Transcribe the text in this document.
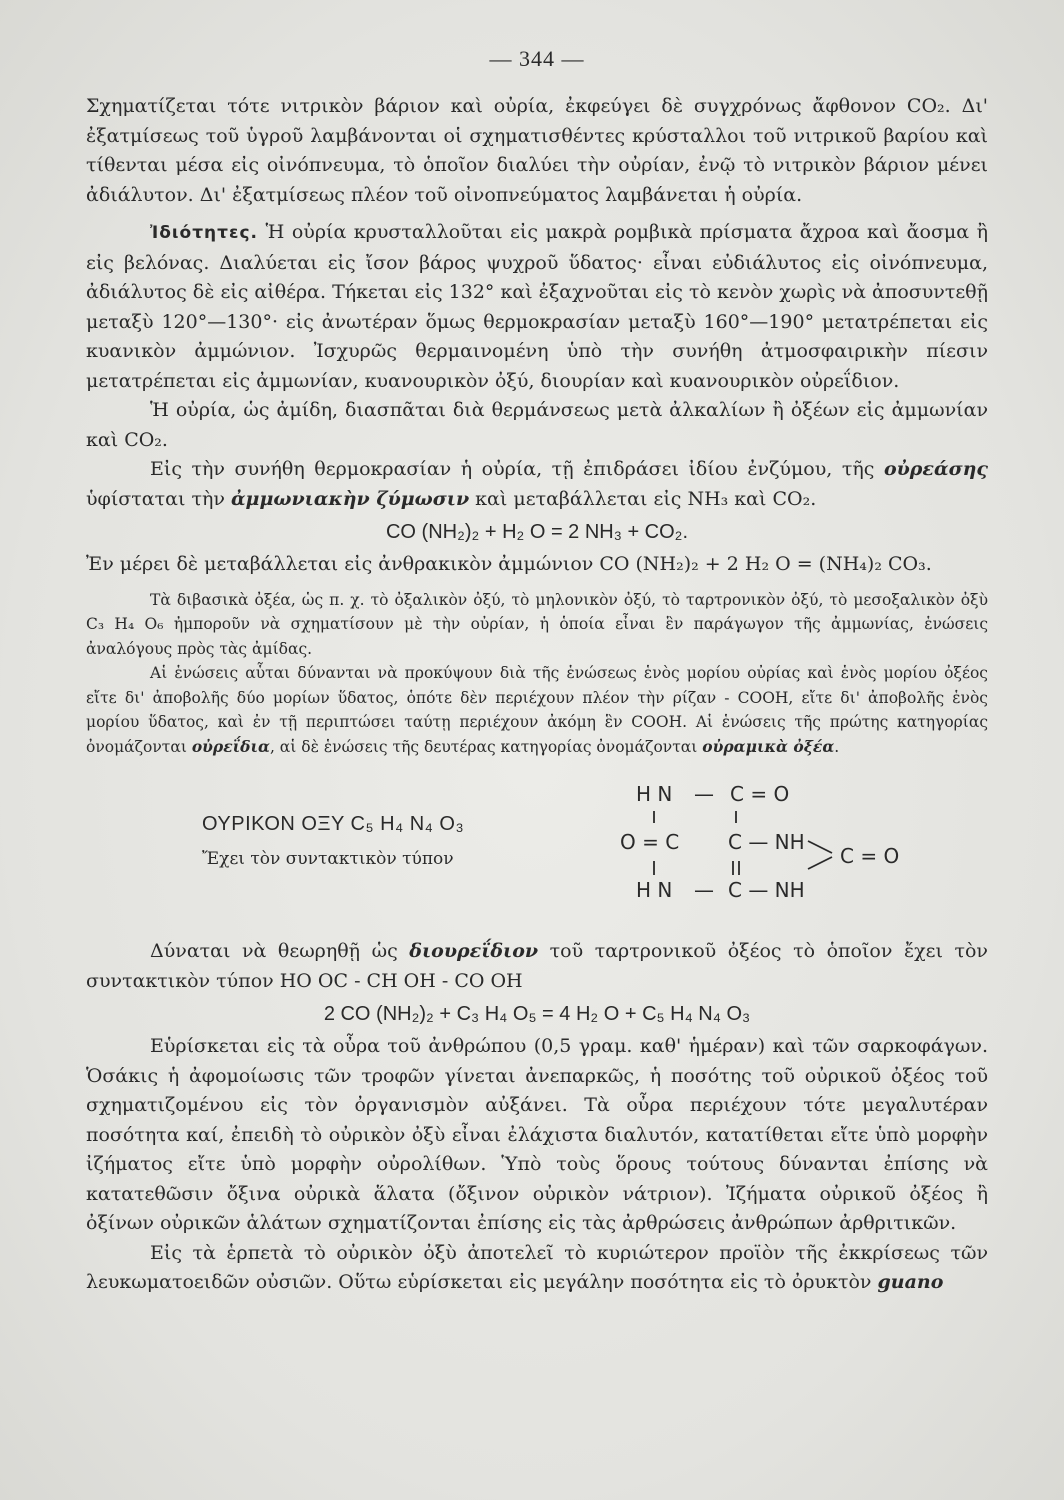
— 344 —

Σχηματίζεται τότε νιτρικὸν βάριον καὶ οὐρία, ἐκφεύγει δὲ συγχρόνως ἄφθονον CO₂. Δι' ἐξατμίσεως τοῦ ὑγροῦ λαμβάνονται οἱ σχηματισθέντες κρύσταλλοι τοῦ νιτρικοῦ βαρίου καὶ τίθενται μέσα εἰς οἰνόπνευμα, τὸ ὁποῖον διαλύει τὴν οὐρίαν, ἐνῷ τὸ νιτρικὸν βάριον μένει ἀδιάλυτον. Δι' ἐξατμίσεως πλέον τοῦ οἰνοπνεύματος λαμβάνεται ἡ οὐρία.

Ἰδιότητες. Ἡ οὐρία κρυσταλλοῦται εἰς μακρὰ ρομβικὰ πρίσματα ἄχροα καὶ ἄοσμα ἢ εἰς βελόνας. Διαλύεται εἰς ἴσον βάρος ψυχροῦ ὕδατος· εἶναι εὐδιάλυτος εἰς οἰνόπνευμα, ἀδιάλυτος δὲ εἰς αἰθέρα. Τήκεται εἰς 132° καὶ ἐξαχνοῦται εἰς τὸ κενὸν χωρὶς νὰ ἀποσυντεθῇ μεταξὺ 120°—130°· εἰς ἀνωτέραν ὅμως θερμοκρασίαν μεταξὺ 160°—190° μετατρέπεται εἰς κυανικὸν ἀμμώνιον. Ἰσχυρῶς θερμαινομένη ὑπὸ τὴν συνήθη ἀτμοσφαιρικὴν πίεσιν μετατρέπεται εἰς ἀμμωνίαν, κυανουρικὸν ὀξύ, διουρίαν καὶ κυανουρικὸν οὐρεΐδιον.

Ἡ οὐρία, ὡς ἀμίδη, διασπᾶται διὰ θερμάνσεως μετὰ ἀλκαλίων ἢ ὀξέων εἰς ἀμμωνίαν καὶ CO₂.

Εἰς τὴν συνήθη θερμοκρασίαν ἡ οὐρία, τῇ ἐπιδράσει ἰδίου ἐνζύμου, τῆς οὐρεάσης ὑφίσταται τὴν ἀμμωνιακὴν ζύμωσιν καὶ μεταβάλλεται εἰς NH₃ καὶ CO₂.

CO (NH₂)₂ + H₂ O = 2 NH₃ + CO₂.

Ἐν μέρει δὲ μεταβάλλεται εἰς ἀνθρακικὸν ἀμμώνιον CO (NH₂)₂ + 2 H₂ O = (NH₄)₂ CO₃.

Τὰ διβασικὰ ὀξέα, ὡς π. χ. τὸ ὀξαλικὸν ὀξύ, τὸ μηλονικὸν ὀξύ, τὸ ταρτρονικὸν ὀξύ, τὸ μεσοξαλικὸν ὀξὺ C₃ H₄ O₆ ἠμποροῦν νὰ σχηματίσουν μὲ τὴν οὐρίαν, ἡ ὁποία εἶναι ἓν παράγωγον τῆς ἀμμωνίας, ἑνώσεις ἀναλόγους πρὸς τὰς ἀμίδας.

Αἱ ἑνώσεις αὗται δύνανται νὰ προκύψουν διὰ τῆς ἑνώσεως ἑνὸς μορίου οὐρίας καὶ ἑνὸς μορίου ὀξέος εἴτε δι' ἀποβολῆς δύο μορίων ὕδατος, ὁπότε δὲν περιέχουν πλέον τὴν ρίζαν - COOH, εἴτε δι' ἀποβολῆς ἑνὸς μορίου ὕδατος, καὶ ἐν τῇ περιπτώσει ταύτῃ περιέχουν ἀκόμη ἓν COOH. Αἱ ἑνώσεις τῆς πρώτης κατηγορίας ὀνομάζονται οὐρεΐδια, αἱ δὲ ἑνώσεις τῆς δευτέρας κατηγορίας ὀνομάζονται οὐραμικὰ ὀξέα.

ΟΥΡΙΚΟΝ ΟΞΥ C₅ H₄ N₄ O₃
Ἔχει τὸν συντακτικὸν τύπον
H N — C = O
O = C C — NH
C = O
H N — C — NH

Δύναται νὰ θεωρηθῇ ὡς διουρεΐδιον τοῦ ταρτρονικοῦ ὀξέος τὸ ὁποῖον ἔχει τὸν συντακτικὸν τύπον HO OC - CH OH - CO OH

2 CO (NH₂)₂ + C₃ H₄ O₅ = 4 H₂ O + C₅ H₄ N₄ O₃

Εὑρίσκεται εἰς τὰ οὖρα τοῦ ἀνθρώπου (0,5 γραμ. καθ' ἡμέραν) καὶ τῶν σαρκοφάγων. Ὁσάκις ἡ ἀφομοίωσις τῶν τροφῶν γίνεται ἀνεπαρκῶς, ἡ ποσότης τοῦ οὐρικοῦ ὀξέος τοῦ σχηματιζομένου εἰς τὸν ὀργανισμὸν αὐξάνει. Τὰ οὖρα περιέχουν τότε μεγαλυτέραν ποσότητα καί, ἐπειδὴ τὸ οὐρικὸν ὀξὺ εἶναι ἐλάχιστα διαλυτόν, κατατίθεται εἴτε ὑπὸ μορφὴν ἰζήματος εἴτε ὑπὸ μορφὴν οὐρολίθων. Ὑπὸ τοὺς ὅρους τούτους δύνανται ἐπίσης νὰ κατατεθῶσιν ὄξινα οὐρικὰ ἅλατα (ὄξινον οὐρικὸν νάτριον). Ἰζήματα οὐρικοῦ ὀξέος ἢ ὀξίνων οὐρικῶν ἁλάτων σχηματίζονται ἐπίσης εἰς τὰς ἀρθρώσεις ἀνθρώπων ἀρθριτικῶν.

Εἰς τὰ ἑρπετὰ τὸ οὐρικὸν ὀξὺ ἀποτελεῖ τὸ κυριώτερον προϊὸν τῆς ἐκκρίσεως τῶν λευκωματοειδῶν οὐσιῶν. Οὕτω εὑρίσκεται εἰς μεγάλην ποσότητα εἰς τὸ ὀρυκτὸν guano
